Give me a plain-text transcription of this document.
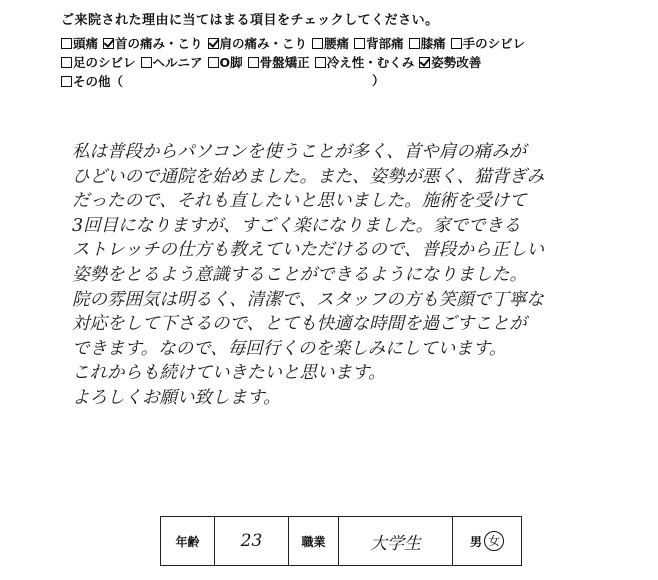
ご来院された理由に当てはまる項目をチェックしてください。
頭痛 首の痛み・こり 肩の痛み・こり 腰痛 背部痛 膝痛 手のシビレ
足のシビレ ヘルニア O脚 骨盤矯正 冷え性・むくみ 姿勢改善
その他（	）
私は普段からパソコンを使うことが多く、首や肩の痛みが
ひどいので通院を始めました。また、姿勢が悪く、猫背ぎみ
だったので、それも直したいと思いました。施術を受けて
3回目になりますが、すごく楽になりました。家でできる
ストレッチの仕方も教えていただけるので、普段から正しい
姿勢をとるよう意識することができるようになりました。
院の雰囲気は明るく、清潔で、スタッフの方も笑顔で丁寧な
対応をして下さるので、とても快適な時間を過ごすことが
できます。なので、毎回行くのを楽しみにしています。
これからも続けていきたいと思います。
よろしくお願い致します。
年齢 23	職業	大学生	男 女
